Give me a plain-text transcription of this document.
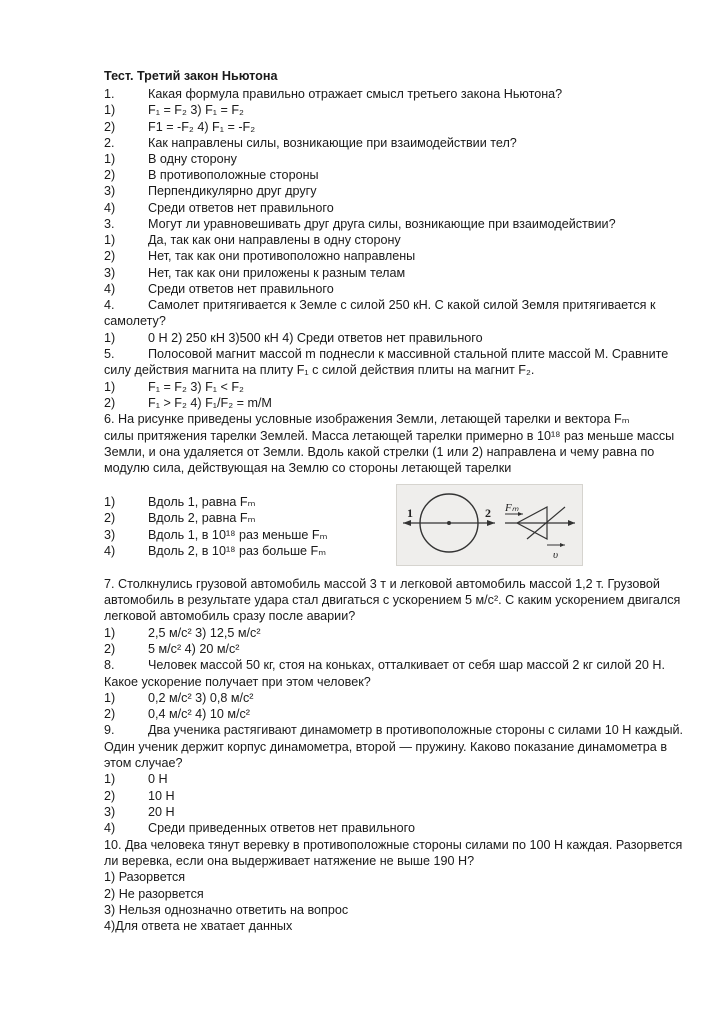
Тест. Третий закон Ньютона
1.	Какая формула правильно отражает смысл третьего закона Ньютона?
1)	F₁ = F₂ 3) F₁ = F₂
2)	F1 = -F₂ 4) F₁ = -F₂
2.	Как направлены силы, возникающие при взаимодействии тел?
1)	В одну сторону
2)	В противоположные стороны
3)	Перпендикулярно друг другу
4)	Среди ответов нет правильного
3.	Могут ли уравновешивать друг друга силы, возникающие при взаимодействии?
1)	Да, так как они направлены в одну сторону
2)	Нет, так как они противоположно направлены
3)	Нет, так как они приложены к разным телам
4)	Среди ответов нет правильного
4.	Самолет притягивается к Земле с силой 250 кН. С какой силой Земля притягивается к
самолету?
1)	0 Н 2) 250 кН 3)500 кН 4) Среди ответов нет правильного
5.	Полосовой магнит массой m поднесли к массивной стальной плите массой M. Сравните
силу действия магнита на плиту F₁ с силой действия плиты на магнит F₂.
1)	F₁ = F₂ 3) F₁ < F₂
2)	F₁ > F₂ 4) F₁/F₂ = m/M
6. На рисунке приведены условные изображения Земли, летающей тарелки и вектора Fₘ
силы притяжения тарелки Землей. Масса летающей тарелки примерно в 10¹⁸ раз меньше массы
Земли, и она удаляется от Земли. Вдоль какой стрелки (1 или 2) направлена и чему равна по
модулю сила, действующая на Землю со стороны летающей тарелки
1)	Вдоль 1, равна Fₘ
2)	Вдоль 2, равна Fₘ
3)	Вдоль 1, в 10¹⁸ раз меньше Fₘ
4)	Вдоль 2, в 10¹⁸ раз больше Fₘ
1	2 Fₘ
υ
7. Столкнулись грузовой автомобиль массой 3 т и легковой автомобиль массой 1,2 т. Грузовой
автомобиль в результате удара стал двигаться с ускорением 5 м/с². С каким ускорением двигался
легковой автомобиль сразу после аварии?
1)	2,5 м/с² 3) 12,5 м/с²
2)	5 м/с² 4) 20 м/с²
8.	Человек массой 50 кг, стоя на коньках, отталкивает от себя шар массой 2 кг силой 20 Н.
Какое ускорение получает при этом человек?
1)	0,2 м/с² 3) 0,8 м/с²
2)	0,4 м/с² 4) 10 м/с²
9.	Два ученика растягивают динамометр в противоположные стороны с силами 10 Н каждый.
Один ученик держит корпус динамометра, второй — пружину. Каково показание динамометра в
этом случае?
1)	0 Н
2)	10 Н
3)	20 Н
4)	Среди приведенных ответов нет правильного
10. Два человека тянут веревку в противоположные стороны силами по 100 Н каждая. Разорвется
ли веревка, если она выдерживает натяжение не выше 190 Н?
1) Разорвется
2) Не разорвется
3) Нельзя однозначно ответить на вопрос
4)Для ответа не хватает данных
